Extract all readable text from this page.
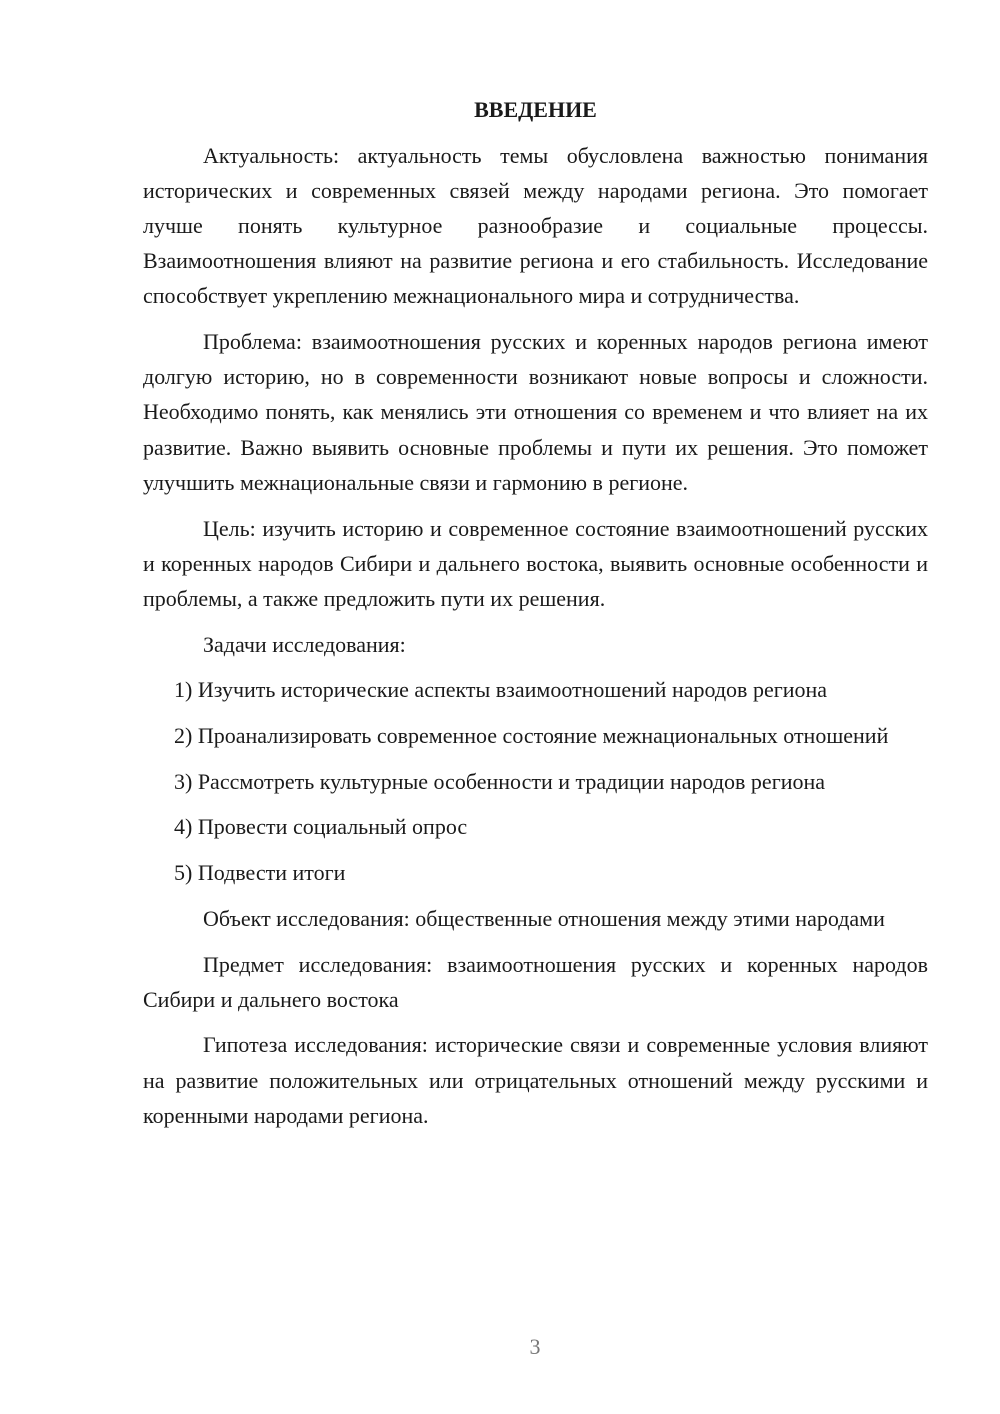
ВВЕДЕНИЕ

Актуальность: актуальность темы обусловлена важностью понимания исторических и современных связей между народами региона. Это помогает лучше понять культурное разнообразие и социальные процессы. Взаимоотношения влияют на развитие региона и его стабильность. Исследование способствует укреплению межнационального мира и сотрудничества.

Проблема: взаимоотношения русских и коренных народов региона имеют долгую историю, но в современности возникают новые вопросы и сложности. Необходимо понять, как менялись эти отношения со временем и что влияет на их развитие. Важно выявить основные проблемы и пути их решения. Это поможет улучшить межнациональные связи и гармонию в регионе.

Цель: изучить историю и современное состояние взаимоотношений русских и коренных народов Сибири и дальнего востока, выявить основные особенности и проблемы, а также предложить пути их решения.

Задачи исследования:

1) Изучить исторические аспекты взаимоотношений народов региона

2) Проанализировать современное состояние межнациональных отношений

3) Рассмотреть культурные особенности и традиции народов региона

4) Провести социальный опрос

5) Подвести итоги

Объект исследования: общественные отношения между этими народами

Предмет исследования: взаимоотношения русских и коренных народов Сибири и дальнего востока

Гипотеза исследования: исторические связи и современные условия влияют на развитие положительных или отрицательных отношений между русскими и коренными народами региона.

3
